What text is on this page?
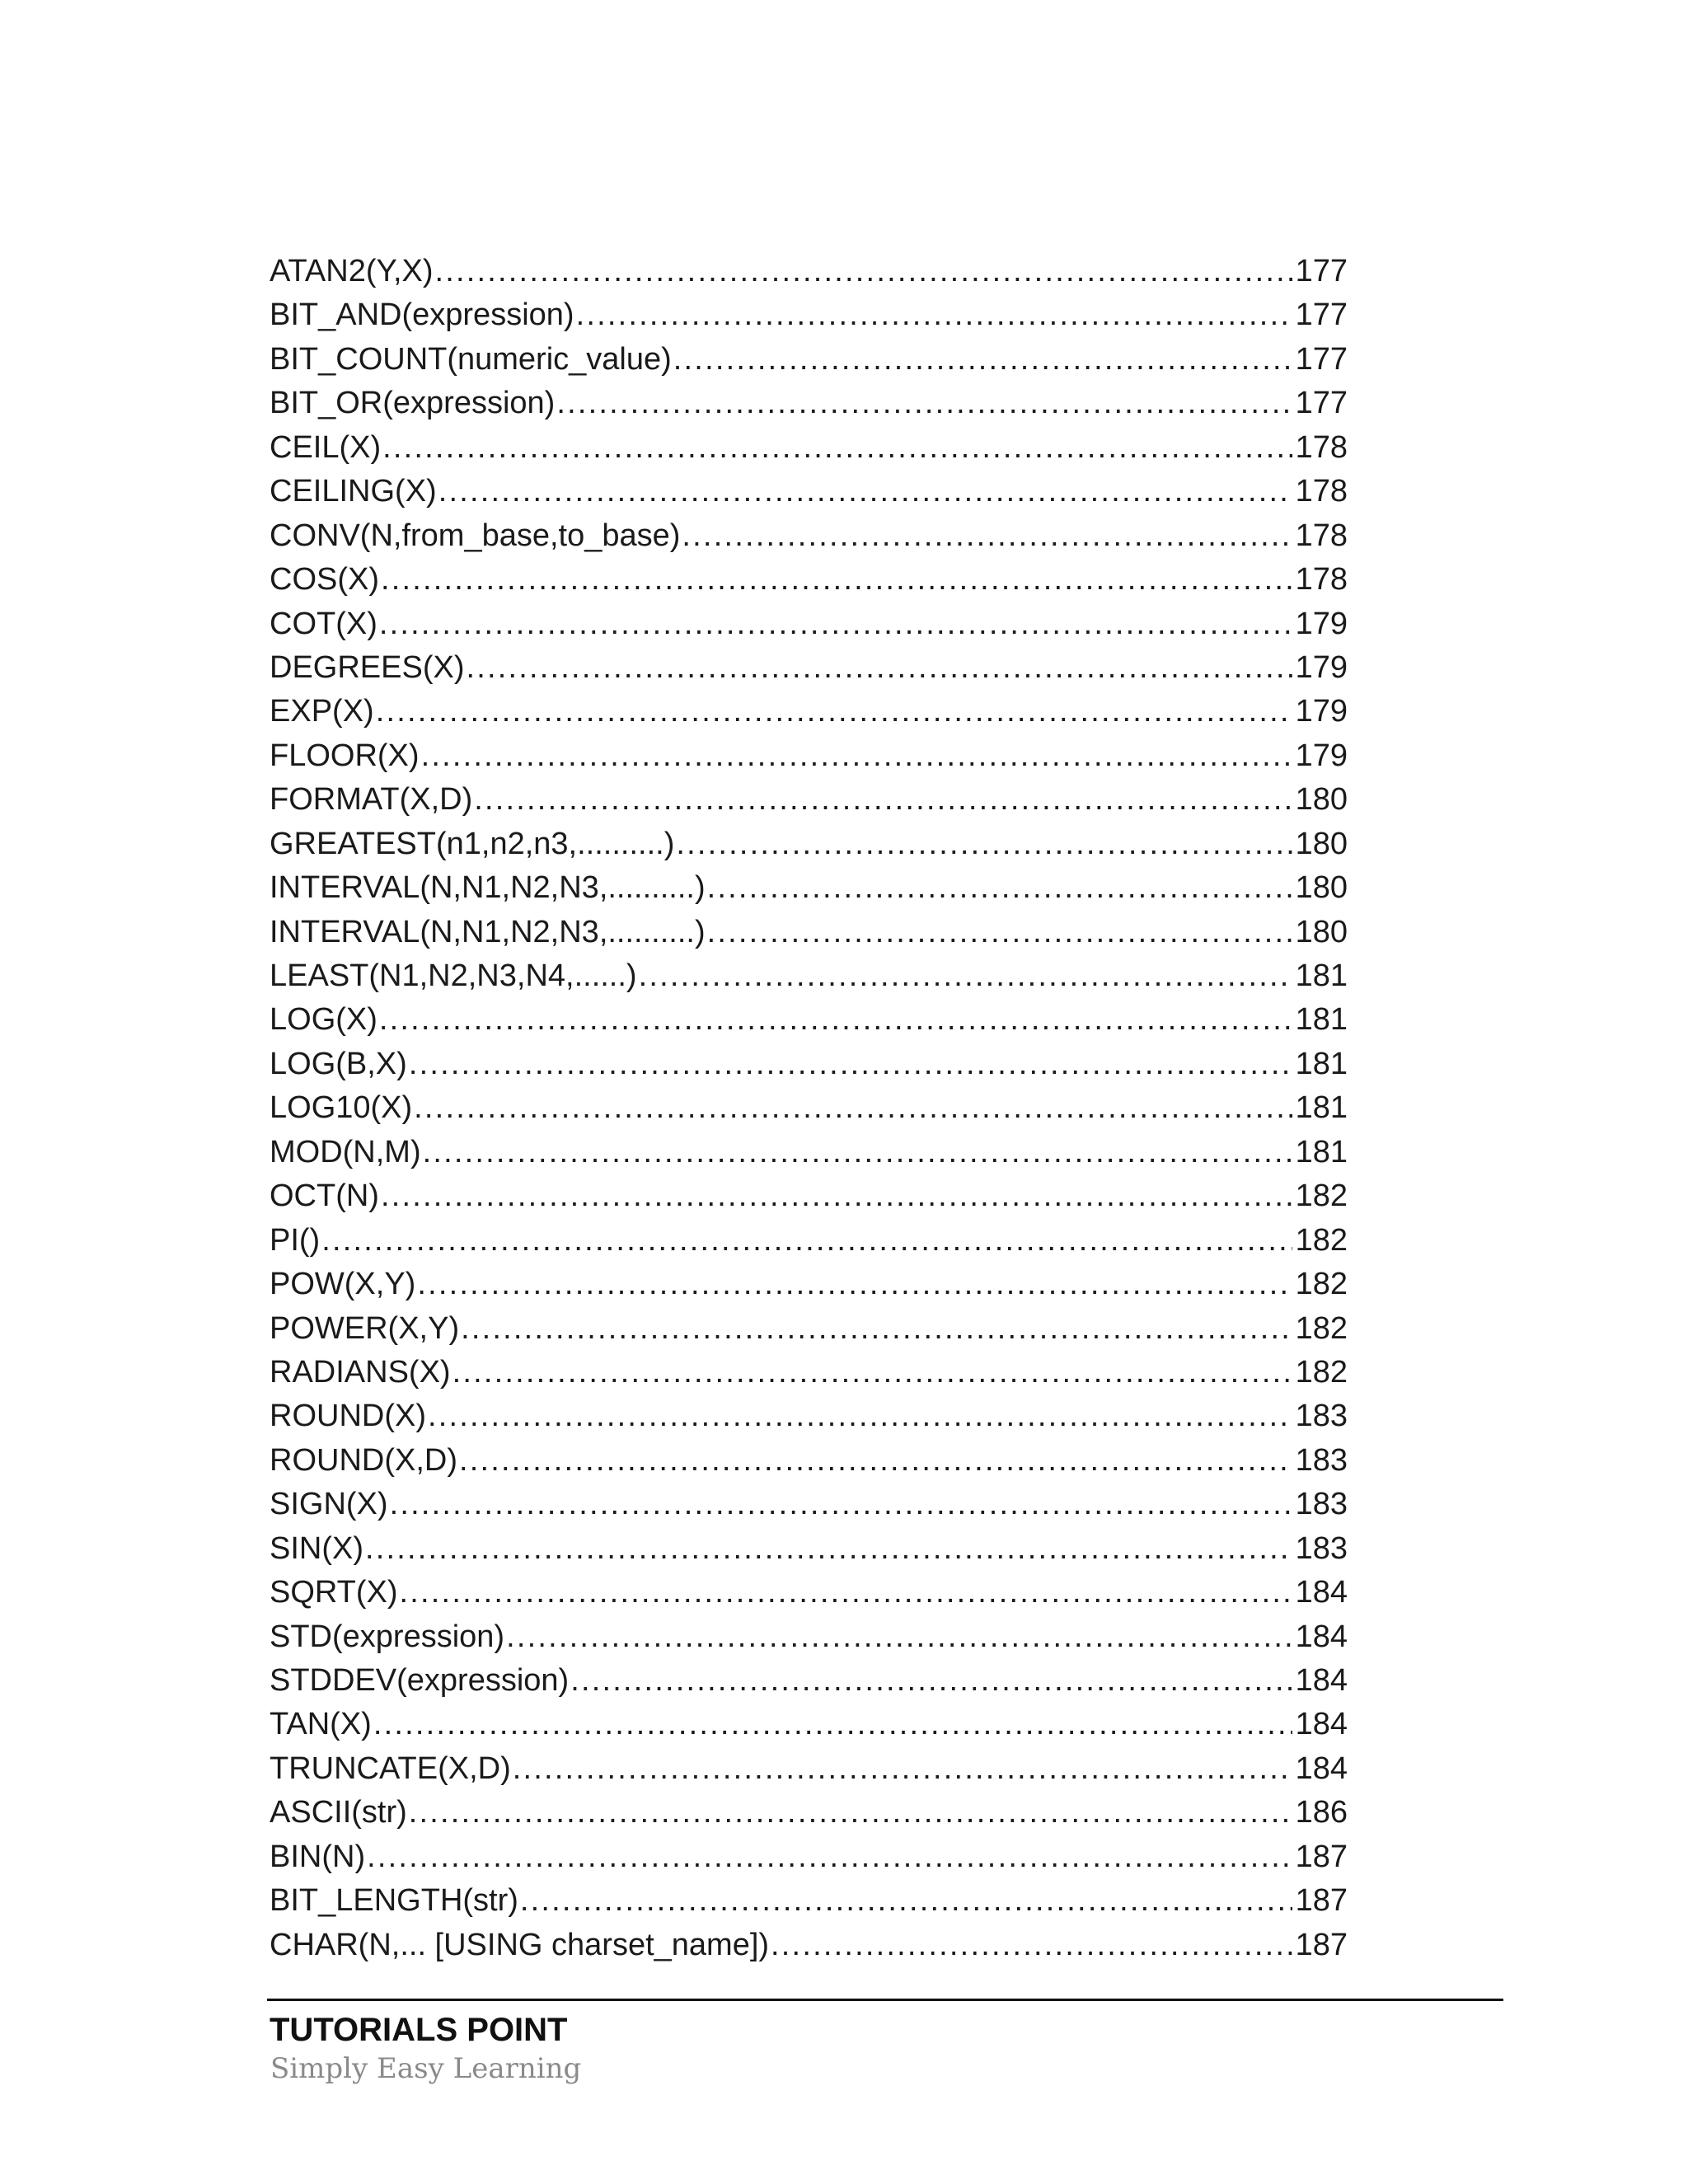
ATAN2(Y,X) .....	177
BIT_AND(expression) .....	177
BIT_COUNT(numeric_value) .....	177
BIT_OR(expression) .....	177
CEIL(X) .....	178
CEILING(X) .....	178
CONV(N,from_base,to_base) .....	178
COS(X) .....	178
COT(X) .....	179
DEGREES(X) .....	179
EXP(X) .....	179
FLOOR(X) .....	179
FORMAT(X,D) .....	180
GREATEST(n1,n2,n3,..........) .....	180
INTERVAL(N,N1,N2,N3,..........) .....	180
INTERVAL(N,N1,N2,N3,..........) .....	180
LEAST(N1,N2,N3,N4,......) .....	181
LOG(X) .....	181
LOG(B,X) .....	181
LOG10(X) .....	181
MOD(N,M) .....	181
OCT(N) .....	182
PI() .....	182
POW(X,Y) .....	182
POWER(X,Y) .....	182
RADIANS(X) .....	182
ROUND(X) .....	183
ROUND(X,D) .....	183
SIGN(X) .....	183
SIN(X) .....	183
SQRT(X) .....	184
STD(expression) .....	184
STDDEV(expression) .....	184
TAN(X) .....	184
TRUNCATE(X,D) .....	184
ASCII(str) .....	186
BIN(N) .....	187
BIT_LENGTH(str) .....	187
CHAR(N,... [USING charset_name]) .....	187
TUTORIALS POINT
Simply Easy Learning
